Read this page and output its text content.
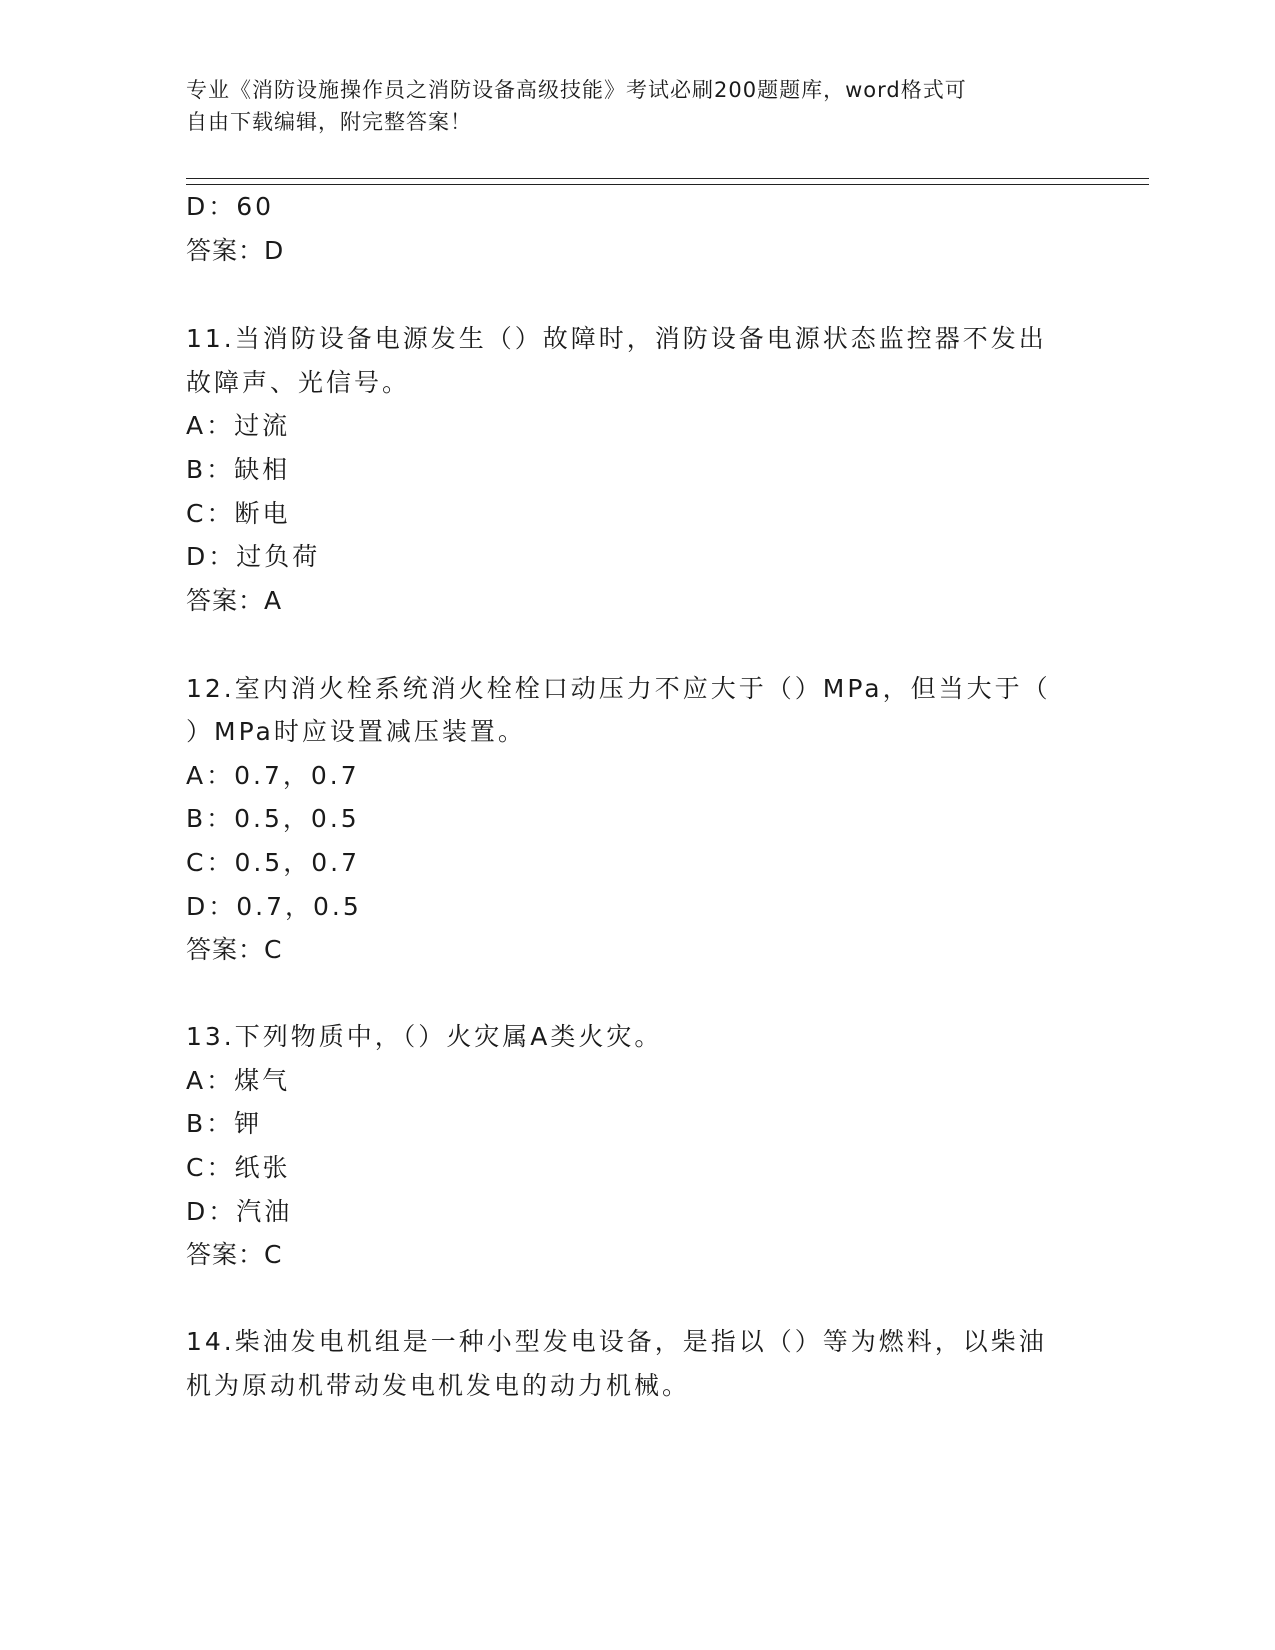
专业《消防设施操作员之消防设备高级技能》考试必刷200题题库，word格式可
自由下载编辑，附完整答案！
D：60
答案：D
11.当消防设备电源发生（）故障时，消防设备电源状态监控器不发出
故障声、光信号。
A：过流
B：缺相
C：断电
D：过负荷
答案：A
12.室内消火栓系统消火栓栓口动压力不应大于（）MPa，但当大于（
）MPa时应设置减压装置。
A：0.7，0.7
B：0.5，0.5
C：0.5，0.7
D：0.7，0.5
答案：C
13.下列物质中，（）火灾属A类火灾。
A：煤气
B：钾
C：纸张
D：汽油
答案：C
14.柴油发电机组是一种小型发电设备，是指以（）等为燃料，以柴油
机为原动机带动发电机发电的动力机械。
